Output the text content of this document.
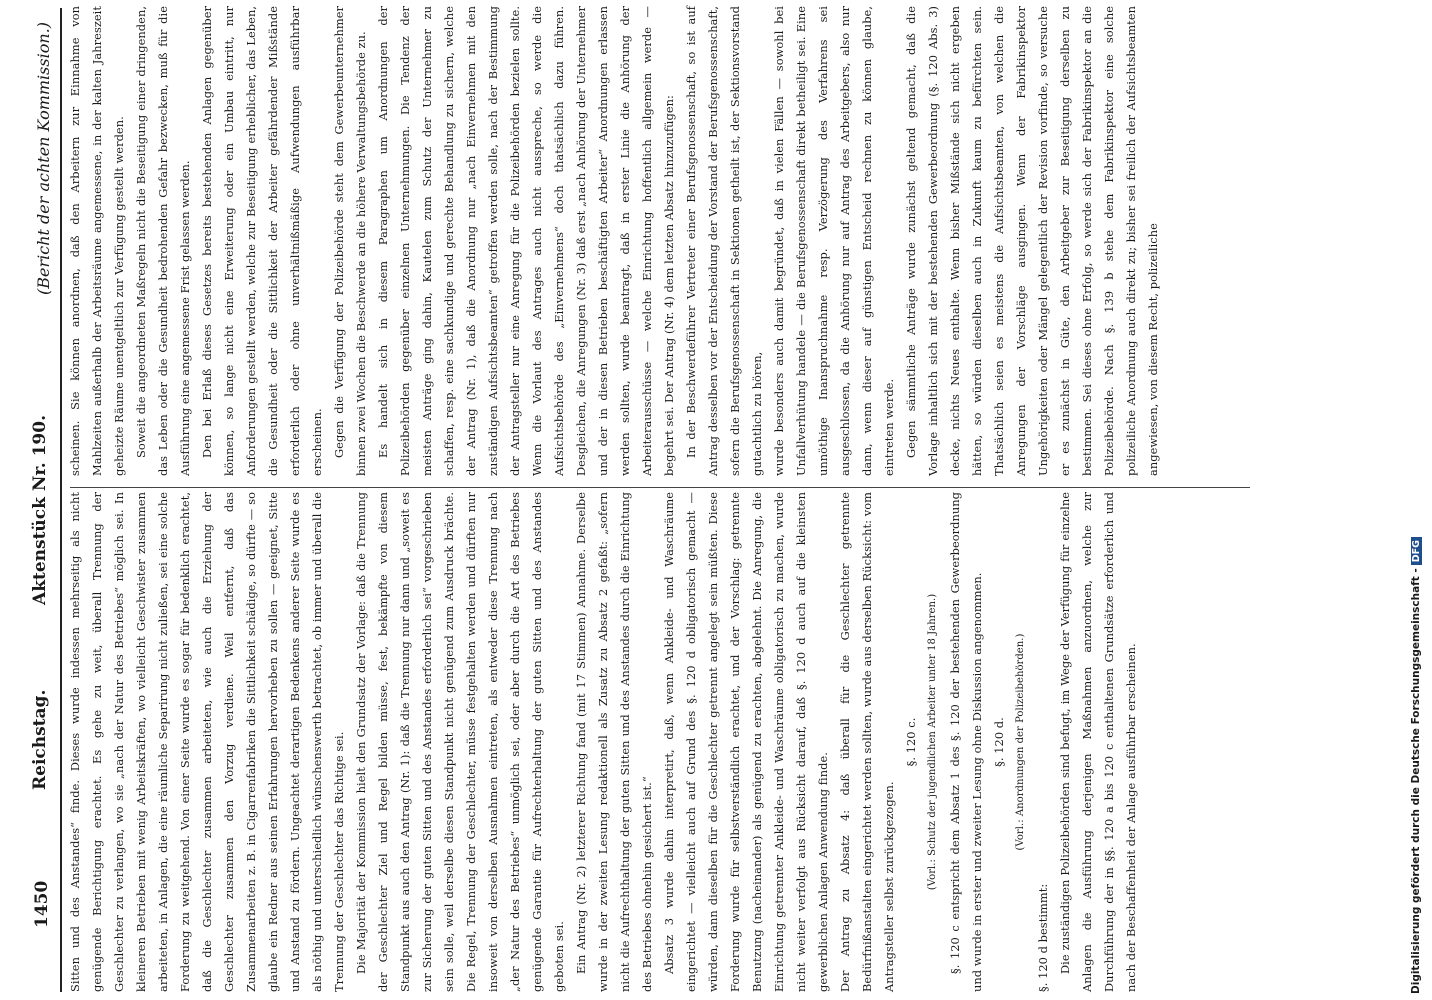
Digitalisierung gefördert durch die Deutsche Forschungsgemeinschaft -DFG
1450
Reichstag.
Aktenstück Nr. 190.
(Bericht der achten Kommission.)

Sitten und des Anstandes“ finde. Dieses wurde indessen mehrseitig als nicht genügende Berichtigung erachtet. Es gehe zu weit, überall Trennung der Geschlechter zu verlangen, wo sie „nach der Natur des Betriebes“ möglich sei. In kleineren Betrieben mit wenig Arbeitskräften, wo vielleicht Geschwister zusammen arbeiteten, in Anlagen, die eine räumliche Separirung nicht zuließen, sei eine solche Forderung zu weitgehend. Von einer Seite wurde es sogar für bedenklich erachtet, daß die Geschlechter zusammen arbeiteten, wie auch die Erziehung der Geschlechter zusammen den Vorzug verdiene. Weil entfernt, daß das Zusammenarbeiten z. B. in Cigarrenfabriken die Sittlichkeit schädige, so dürfte — so glaube ein Redner aus seinen Erfahrungen hervorheben zu sollen — geeignet, Sitte und Anstand zu fördern. Ungeachtet derartigen Bedenkens anderer Seite wurde es als nöthig und unterschiedlich wünschenswerth betrachtet, ob immer und überall die Trennung der Geschlechter das Richtige sei. Die Majorität der Kommission hielt den Grundsatz der Vorlage: daß die Trennung der Geschlechter Ziel und Regel bilden müsse, fest, bekämpfte von diesem Standpunkt aus auch den Antrag (Nr. 1): daß die Trennung nur dann und „soweit es zur Sicherung der guten Sitten und des Anstandes erforderlich sei“ vorgeschrieben sein solle, weil derselbe diesen Standpunkt nicht genügend zum Ausdruck brächte. Die Regel, Trennung der Geschlechter, müsse festgehalten werden und dürften nur insoweit von derselben Ausnahmen eintreten, als entweder diese Trennung nach „der Natur des Betriebes“ unmöglich sei, oder aber durch die Art des Betriebes genügende Garantie für Aufrechterhaltung der guten Sitten und des Anstandes geboten sei. Ein Antrag (Nr. 2) letzterer Richtung fand (mit 17 Stimmen) Annahme. Derselbe wurde in der zweiten Lesung redaktionell als Zusatz zu Absatz 2 gefaßt: „sofern nicht die Aufrechthaltung der guten Sitten und des Anstandes durch die Einrichtung des Betriebes ohnehin gesichert ist.“ Absatz 3 wurde dahin interpretirt, daß, wenn Ankleide- und Waschräume eingerichtet — vielleicht auch auf Grund des §. 120 d obligatorisch gemacht — würden, dann dieselben für die Geschlechter getrennt angelegt sein müßten. Diese Forderung wurde für selbstverständlich erachtet, und der Vorschlag: getrennte Benutzung (nacheinander) als genügend zu erachten, abgelehnt. Die Anregung, die Einrichtung getrennter Ankleide- und Waschräume obligatorisch zu machen, wurde nicht weiter verfolgt aus Rücksicht darauf, daß §. 120 d auch auf die kleinsten gewerblichen Anlagen Anwendung finde. Der Antrag zu Absatz 4: daß überall für die Geschlechter getrennte Bedürfnißanstalten eingerichtet werden sollten, wurde aus derselben Rücksicht: vom Antragsteller selbst zurückgezogen.

§. 120 c. (Vorl.: Schutz der jugendlichen Arbeiter unter 18 Jahren.) §. 120 c entspricht dem Absatz 1 des §. 120 der bestehenden Gewerbeordnung und wurde in erster und zweiter Lesung ohne Diskussion angenommen. §. 120 d. (Vorl.: Anordnungen der Polizeibehörden.)

§. 120 d bestimmt: Die zuständigen Polizeibehörden sind befugt, im Wege der Verfügung für einzelne Anlagen die Ausführung derjenigen Maßnahmen anzuordnen, welche zur Durchführung der in §§. 120 a bis 120 c enthaltenen Grundsätze erforderlich und nach der Beschaffenheit der Anlage ausführbar erscheinen.

scheinen. Sie können anordnen, daß den Arbeitern zur Einnahme von Mahlzeiten außerhalb der Arbeitsräume angemessene, in der kalten Jahreszeit geheizte Räume unentgeltlich zur Verfügung gestellt werden. Soweit die angeordneten Maßregeln nicht die Beseitigung einer dringenden, das Leben oder die Gesundheit bedrohenden Gefahr bezwecken, muß für die Ausführung eine angemessene Frist gelassen werden. Den bei Erlaß dieses Gesetzes bereits bestehenden Anlagen gegenüber können, so lange nicht eine Erweiterung oder ein Umbau eintritt, nur Anforderungen gestellt werden, welche zur Beseitigung erheblicher, das Leben, die Gesundheit oder die Sittlichkeit der Arbeiter gefährdender Mißstände erforderlich oder ohne unverhältnißmäßige Aufwendungen ausführbar erscheinen. Gegen die Verfügung der Polizeibehörde steht dem Gewerbeunternehmer binnen zwei Wochen die Beschwerde an die höhere Verwaltungsbehörde zu. Es handelt sich in diesem Paragraphen um Anordnungen der Polizeibehörden gegenüber einzelnen Unternehmungen. Die Tendenz der meisten Anträge ging dahin, Kautelen zum Schutz der Unternehmer zu schaffen, resp. eine sachkundige und gerechte Behandlung zu sichern, welche der Antrag (Nr. 1), daß die Anordnung nur „nach Einvernehmen mit den zuständigen Aufsichtsbeamten“ getroffen werden solle, nach der Bestimmung der Antragsteller nur eine Anregung für die Polizeibehörden bezielen sollte. Wenn die Vorlaut des Antrages auch nicht ausspreche, so werde die Aufsichtsbehörde des „Einvernehmens“ doch thatsächlich dazu führen. Desgleichen, die Anregungen (Nr. 3) daß erst „nach Anhörung der Unternehmer und der in diesen Betrieben beschäftigten Arbeiter“ Anordnungen erlassen werden sollten, wurde beantragt, daß in erster Linie die Anhörung der Arbeiterausschüsse — welche Einrichtung hoffentlich allgemein werde — begehrt sei. Der Antrag (Nr. 4) dem letzten Absatz hinzuzufügen: In der Beschwerdeführer Vertreter einer Berufsgenossenschaft, so ist auf Antrag desselben vor der Entscheidung der Vorstand der Berufsgenossenschaft, sofern die Berufsgenossenschaft in Sektionen getheilt ist, der Sektionsvorstand gutachtlich zu hören, wurde besonders auch damit begründet, daß in vielen Fällen — sowohl bei Unfallverhütung handele — die Berufsgenossenschaft direkt betheiligt sei. Eine unnöthige Inanspruchnahme resp. Verzögerung des Verfahrens sei ausgeschlossen, da die Anhörung nur auf Antrag des Arbeitgebers, also nur dann, wenn dieser auf günstigen Entscheid rechnen zu können glaube, eintreten werde. Gegen sämmtliche Anträge wurde zunächst geltend gemacht, daß die Vorlage inhaltlich sich mit der bestehenden Gewerbeordnung (§. 120 Abs. 3) decke, nichts Neues enthalte. Wenn bisher Mißstände sich nicht ergeben hätten, so würden dieselben auch in Zukunft kaum zu befürchten sein. Thatsächlich seien es meistens die Aufsichtsbeamten, von welchen die Anregungen der Vorschläge ausgingen. Wenn der Fabrikinspektor Ungehörigkeiten oder Mängel gelegentlich der Revision vorfinde, so versuche er es zunächst in Güte, den Arbeitgeber zur Beseitigung derselben zu bestimmen. Sei dieses ohne Erfolg, so werde sich der Fabrikinspektor an die Polizeibehörde. Nach §. 139 b stehe dem Fabrikinspektor eine solche polizeiliche Anordnung auch direkt zu; bisher sei freilich der Aufsichtsbeamten angewiesen, von diesem Recht, polizeiliche
